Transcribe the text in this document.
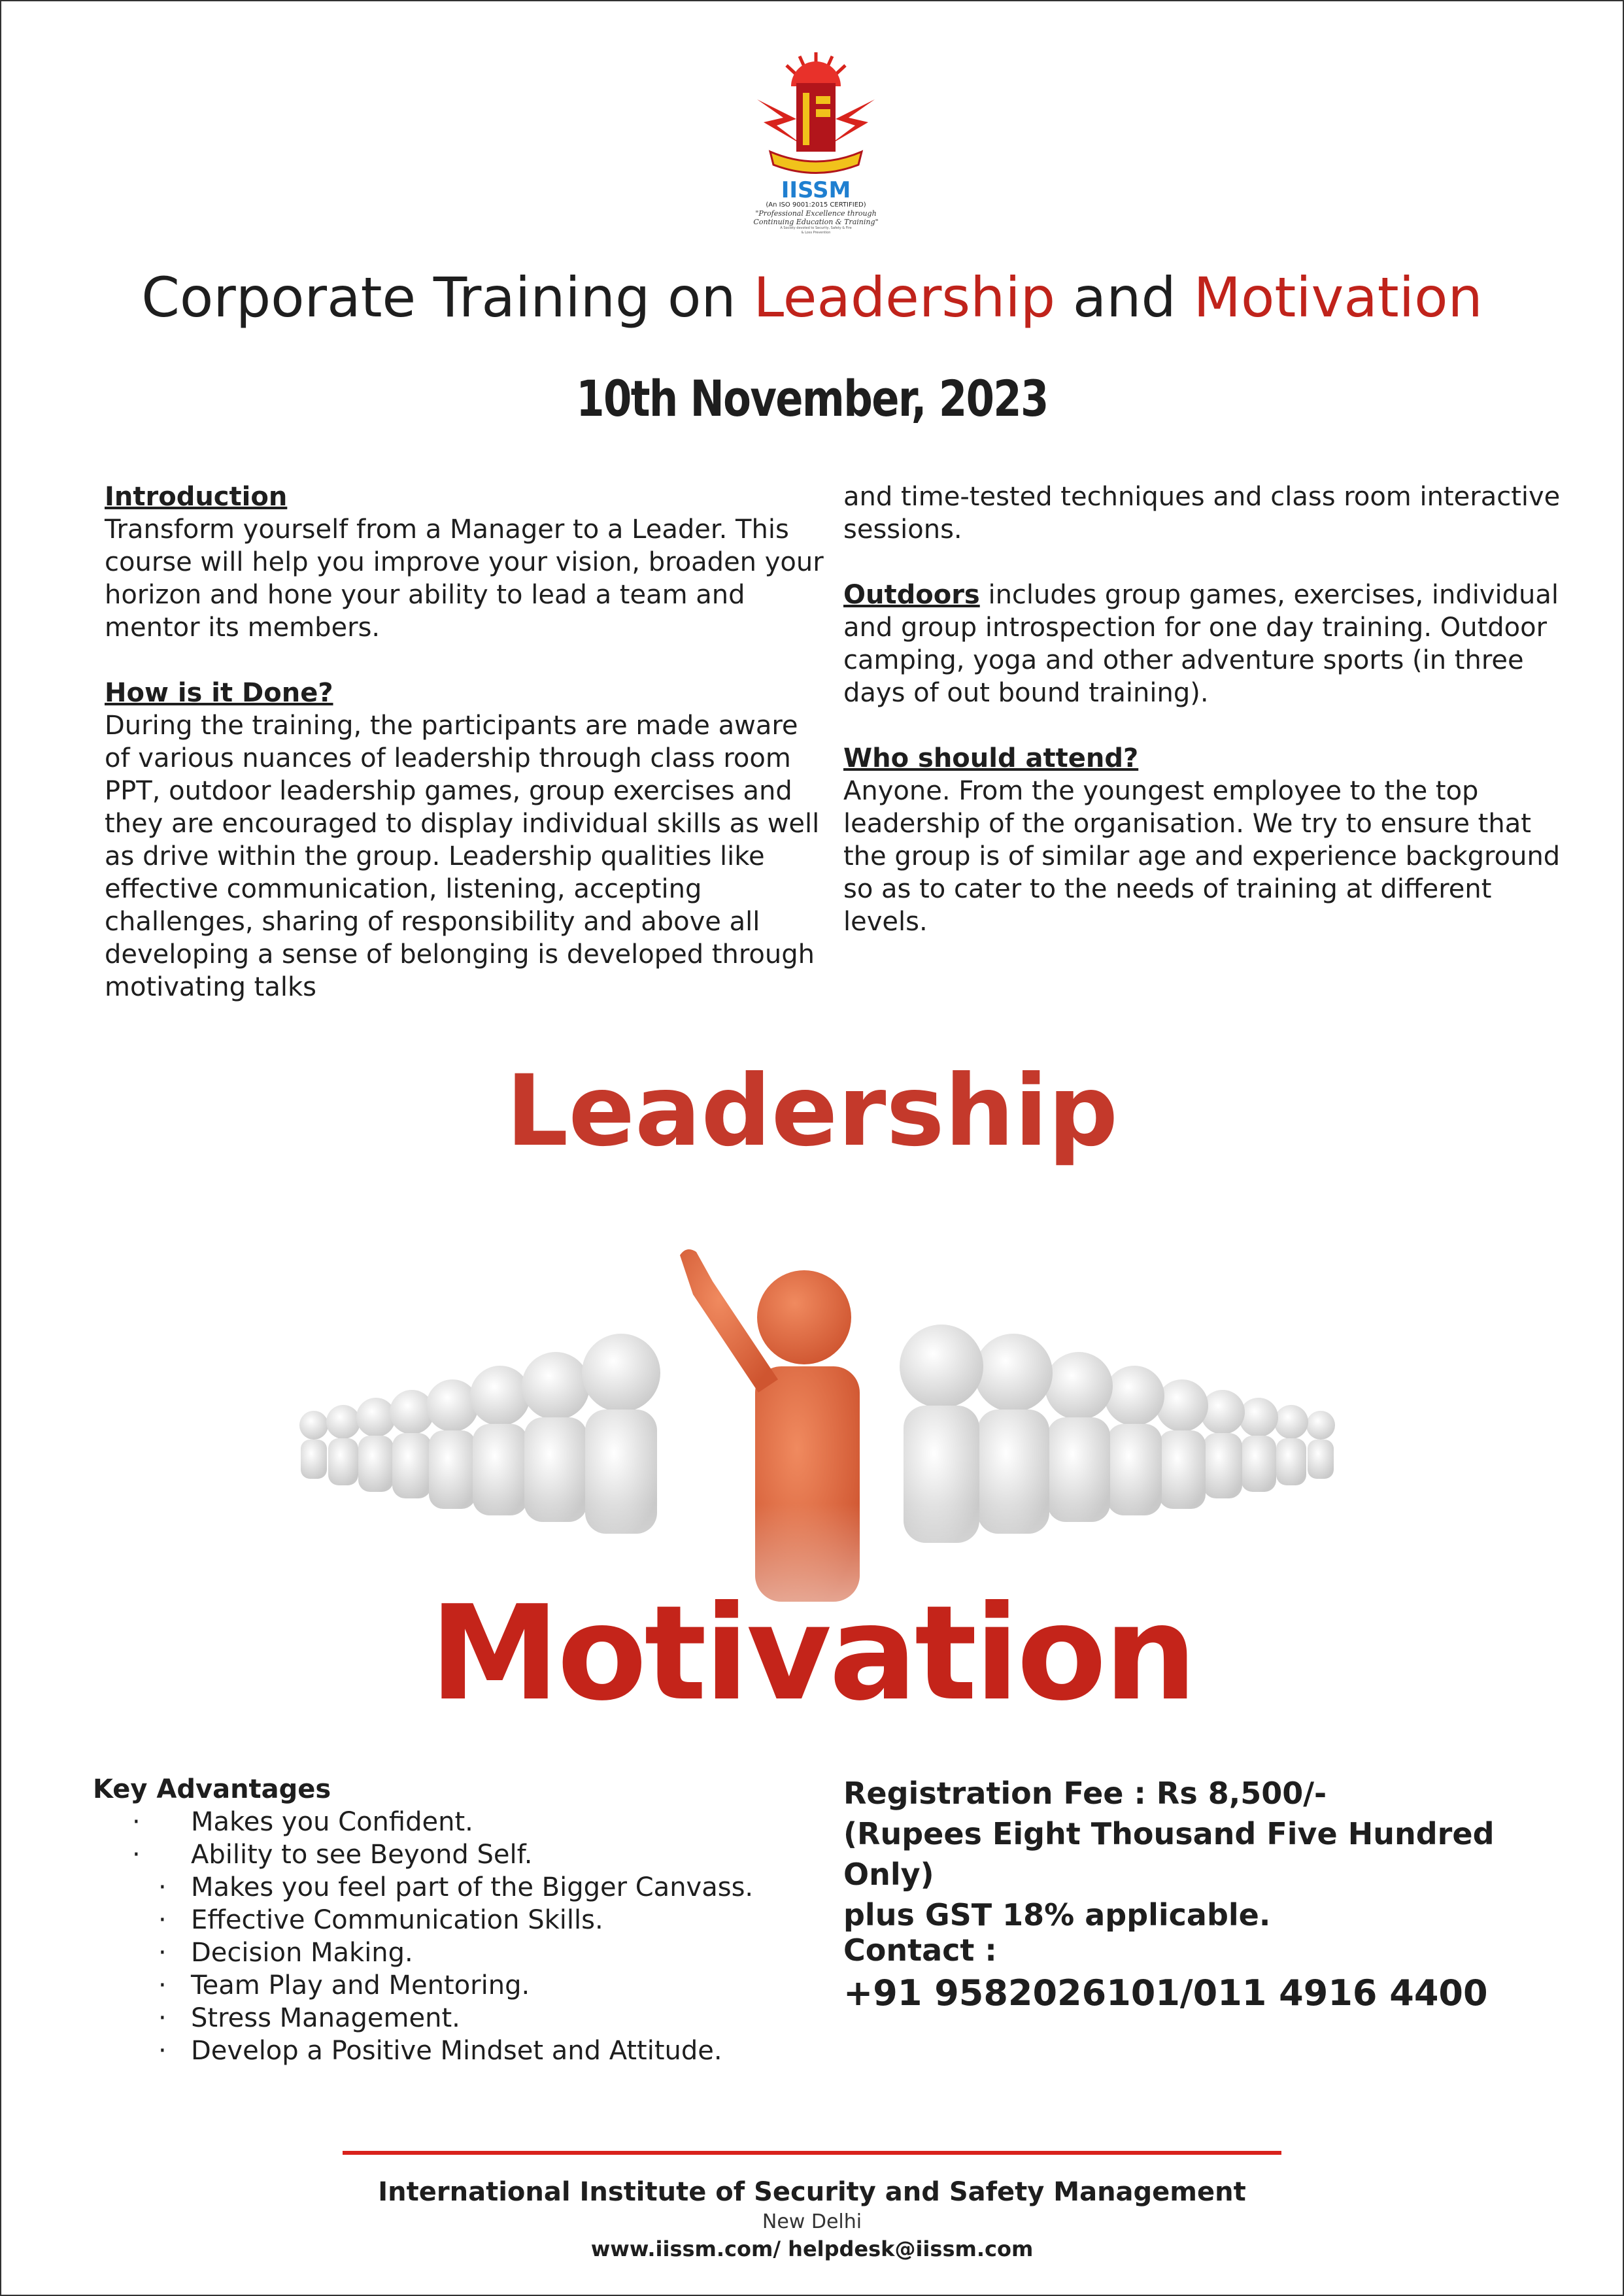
IISSM
(An ISO 9001:2015 CERTIFIED)
"Professional Excellence through
Continuing Education & Training"
A Society devoted to Security, Safety & Fire
& Loss Prevention
Corporate Training on Leadership and Motivation
10th November, 2023
Introduction

Transform yourself from a Manager to a Leader. This course will help you improve your vision, broaden your horizon and hone your ability to lead a team and mentor its members.

How is it Done?

During the training, the participants are made aware of various nuances of leadership through class room PPT, outdoor leadership games, group exercises and they are encouraged to display individual skills as well as drive within the group. Leadership qualities like effective communication, listening, accepting challenges, sharing of responsibility and above all developing a sense of belonging is developed through motivating talks

and time-tested techniques and class room interactive sessions.

Outdoors includes group games, exercises, individual and group introspection for one day training. Outdoor camping, yoga and other adventure sports (in three days of out bound training).

Who should attend?

Anyone. From the youngest employee to the top leadership of the organisation. We try to ensure that the group is of similar age and experience background so as to cater to the needs of training at different levels.

Leadership
Motivation
Key Advantages
· Makes you Confident.
· Ability to see Beyond Self.
· Makes you feel part of the Bigger Canvass.
· Effective Communication Skills.
· Decision Making.
· Team Play and Mentoring.
· Stress Management.
· Develop a Positive Mindset and Attitude.
Registration Fee : Rs 8,500/-
(Rupees Eight Thousand Five Hundred Only)
plus GST 18% applicable.
Contact :
+91 9582026101/011 4916 4400
International Institute of Security and Safety Management
New Delhi
www.iissm.com/ helpdesk@iissm.com
